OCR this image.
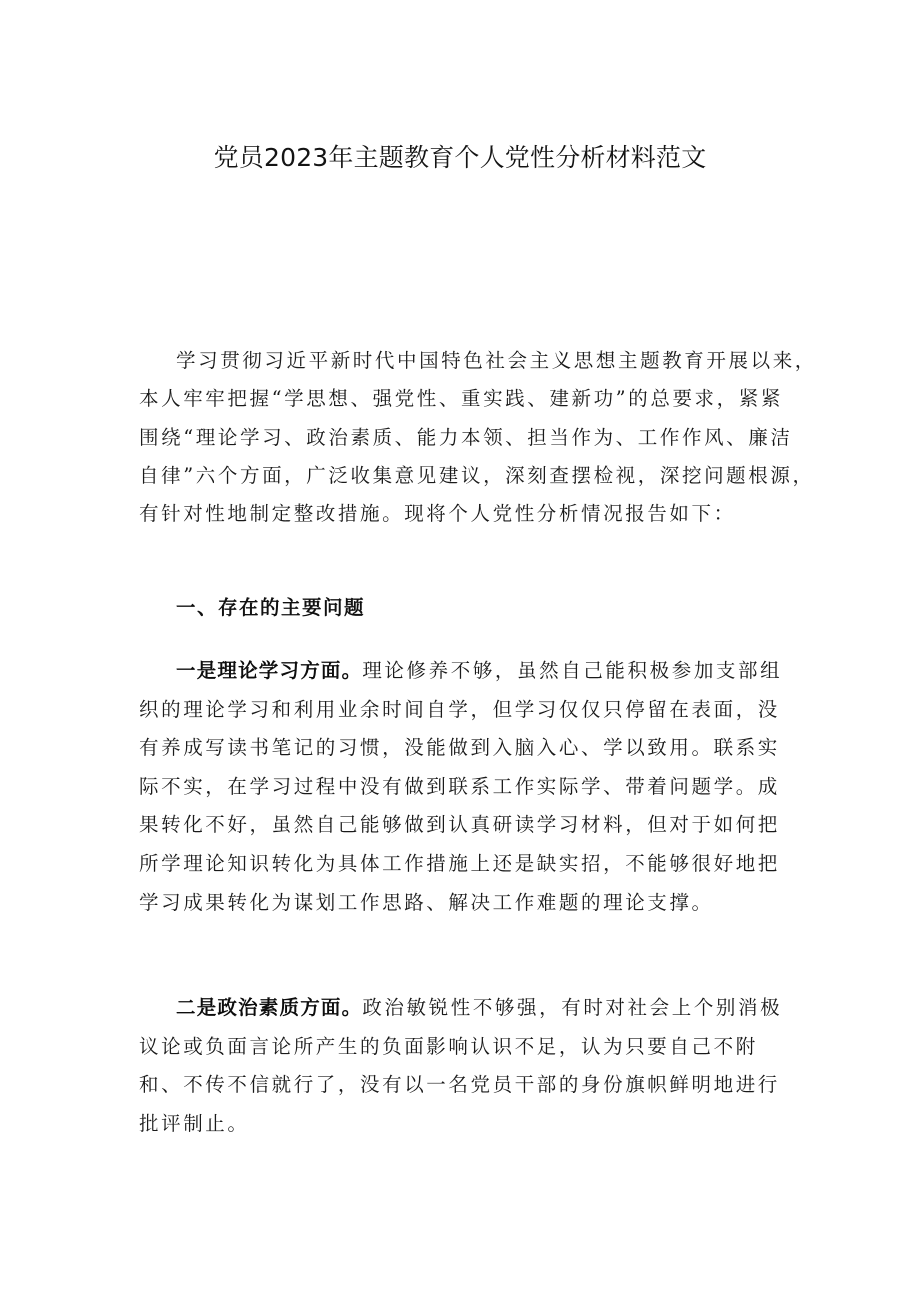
党员2023年主题教育个人党性分析材料范文
学习贯彻习近平新时代中国特色社会主义思想主题教育开展以来，
本人牢牢把握“学思想、强党性、重实践、建新功”的总要求，紧紧
围绕“理论学习、政治素质、能力本领、担当作为、工作作风、廉洁
自律”六个方面，广泛收集意见建议，深刻查摆检视，深挖问题根源，
有针对性地制定整改措施。现将个人党性分析情况报告如下：
一、存在的主要问题
一是理论学习方面。理论修养不够，虽然自己能积极参加支部组
织的理论学习和利用业余时间自学，但学习仅仅只停留在表面，没
有养成写读书笔记的习惯，没能做到入脑入心、学以致用。联系实
际不实，在学习过程中没有做到联系工作实际学、带着问题学。成
果转化不好，虽然自己能够做到认真研读学习材料，但对于如何把
所学理论知识转化为具体工作措施上还是缺实招，不能够很好地把
学习成果转化为谋划工作思路、解决工作难题的理论支撑。
二是政治素质方面。政治敏锐性不够强，有时对社会上个别消极
议论或负面言论所产生的负面影响认识不足，认为只要自己不附
和、不传不信就行了，没有以一名党员干部的身份旗帜鲜明地进行
批评制止。
